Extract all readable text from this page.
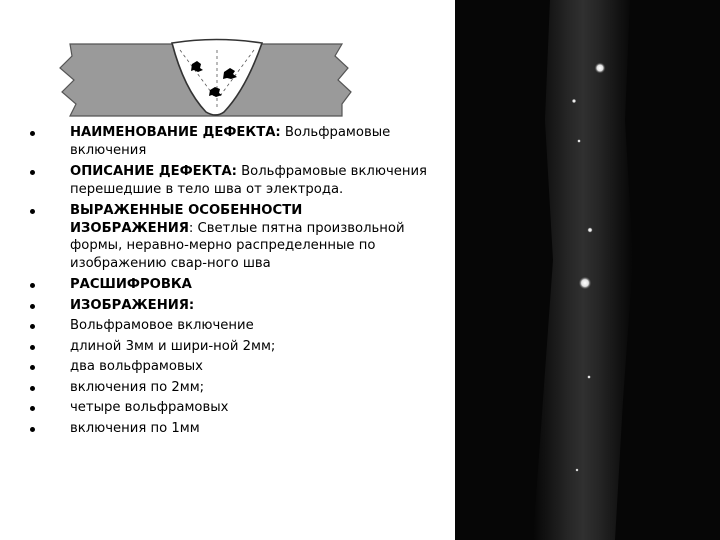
НАИМЕНОВАНИЕ ДЕФЕКТА: Вольфрамовые включения
ОПИСАНИЕ ДЕФЕКТА: Вольфрамовые включения перешедшие в тело шва от электрода.
ВЫРАЖЕННЫЕ ОСОБЕННОСТИ ИЗОБРАЖЕНИЯ: Светлые пятна произвольной формы, неравно-мерно распределенные по изображению свар-ного шва
РАСШИФРОВКА
ИЗОБРАЖЕНИЯ:
Вольфрамовое включение
длиной 3мм и шири-ной 2мм;
два вольфрамовых
включения по 2мм;
четыре вольфрамовых
включения по 1мм
